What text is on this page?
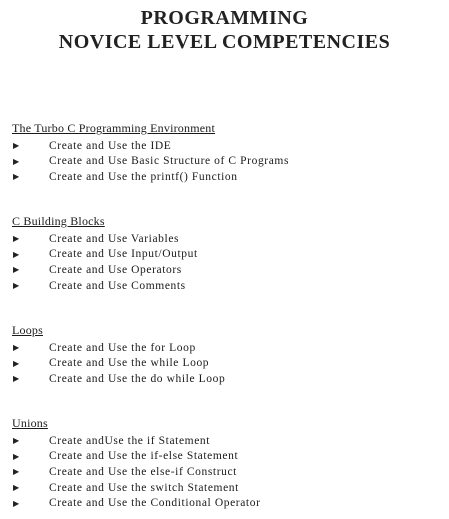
PROGRAMMING
NOVICE LEVEL COMPETENCIES
The Turbo C Programming Environment
▶	Create and Use the IDE
▶	Create and Use Basic Structure of C Programs
▶	Create and Use the printf() Function
C Building Blocks
▶	Create and Use Variables
▶	Create and Use Input/Output
▶	Create and Use Operators
▶	Create and Use Comments
Loops
▶	Create and Use the for Loop
▶	Create and Use the while Loop
▶	Create and Use the do while Loop
Unions
▶	Create andUse the if Statement
▶	Create and Use the if-else Statement
▶	Create and Use the else-if Construct
▶	Create and Use the switch Statement
▶	Create and Use the Conditional Operator
